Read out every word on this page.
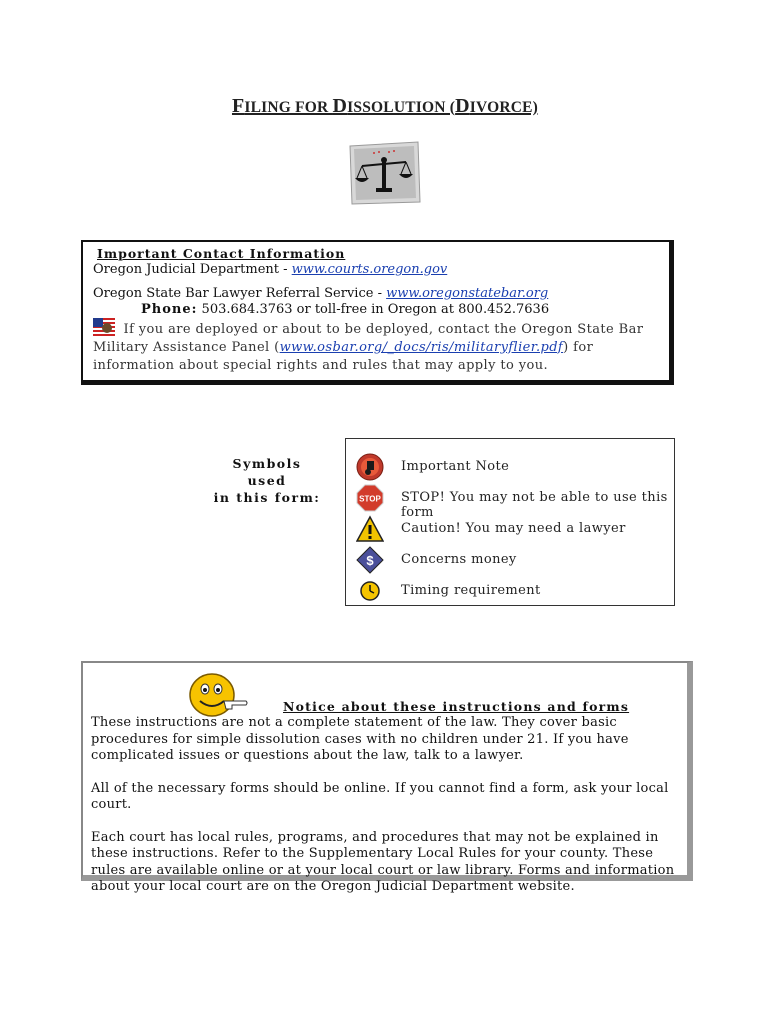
FILING FOR DISSOLUTION (DIVORCE)

Important Contact Information

Oregon Judicial Department - www.courts.oregon.gov

Oregon State Bar Lawyer Referral Service - www.oregonstatebar.org

Phone: 503.684.3763 or toll-free in Oregon at 800.452.7636

If you are deployed or about to be deployed, contact the Oregon State Bar Military Assistance Panel (www.osbar.org/_docs/ris/militaryflier.pdf) for information about special rights and rules that may apply to you.

Symbols used
in this form:
Important Note
STOP STOP! You may not be able to use this form
Caution! You may need a lawyer
$ Concerns money
Timing requirement
Notice about these instructions and forms

These instructions are not a complete statement of the law. They cover basic procedures for simple dissolution cases with no children under 21. If you have complicated issues or questions about the law, talk to a lawyer.

All of the necessary forms should be online. If you cannot find a form, ask your local court.

Each court has local rules, programs, and procedures that may not be explained in these instructions. Refer to the Supplementary Local Rules for your county. These rules are available online or at your local court or law library. Forms and information about your local court are on the Oregon Judicial Department website.
